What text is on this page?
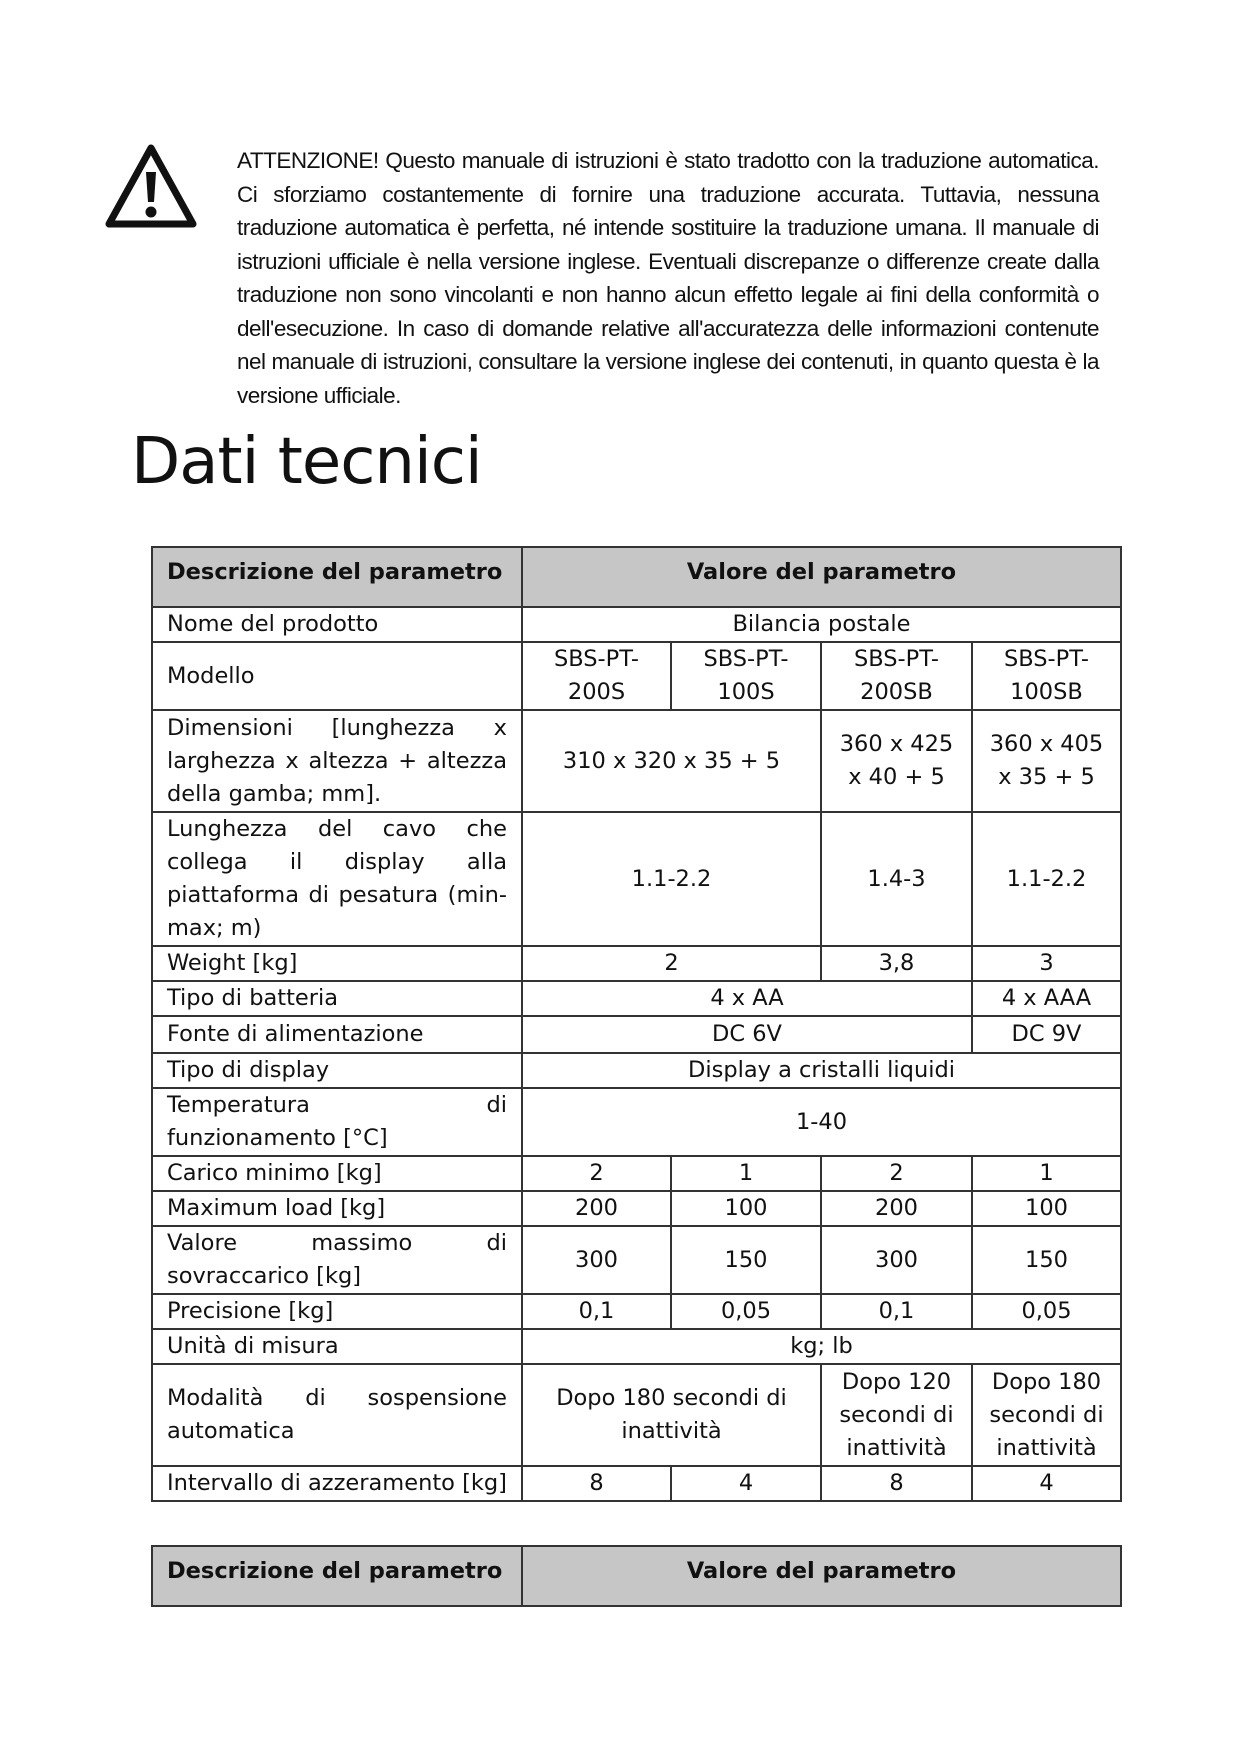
ATTENZIONE! Questo manuale di istruzioni è stato tradotto con la traduzione automatica. Ci sforziamo costantemente di fornire una traduzione accurata. Tuttavia, nessuna traduzione automatica è perfetta, né intende sostituire la traduzione umana. Il manuale di istruzioni ufficiale è nella versione inglese. Eventuali discrepanze o differenze create dalla traduzione non sono vincolanti e non hanno alcun effetto legale ai fini della conformità o dell'esecuzione. In caso di domande relative all'accuratezza delle informazioni contenute nel manuale di istruzioni, consultare la versione inglese dei contenuti, in quanto questa è la versione ufficiale.

Dati tecnici
Descrizione del parametro	Valore del parametro			
Nome del prodotto	Bilancia postale			
Modello	SBS-PT-200S	SBS-PT-100S	SBS-PT-200SB	SBS-PT-100SB
Dimensioni [lunghezza x larghezza x altezza + altezza della gamba; mm].	310 x 320 x 35 + 5		360 x 425 x 40 + 5	360 x 405 x 35 + 5
Lunghezza del cavo che collega il display alla piattaforma di pesatura (min-max; m)	1.1-2.2		1.4-3	1.1-2.2
Weight [kg]	2		3,8	3
Tipo di batteria	4 x AA			4 x AAA
Fonte di alimentazione	DC 6V			DC 9V
Tipo di display	Display a cristalli liquidi			
Temperatura di funzionamento [°C]	1-40			
Carico minimo [kg]	2	1	2	1
Maximum load [kg]	200	100	200	100
Valore massimo di sovraccarico [kg]	300	150	300	150
Precisione [kg]	0,1	0,05	0,1	0,05
Unità di misura	kg; lb			
Modalità di sospensione automatica	Dopo 180 secondi di inattività		Dopo 120 secondi di inattività	Dopo 180 secondi di inattività
Intervallo di azzeramento [kg]	8	4	8	4
Descrizione del parametro	Valore del parametro
